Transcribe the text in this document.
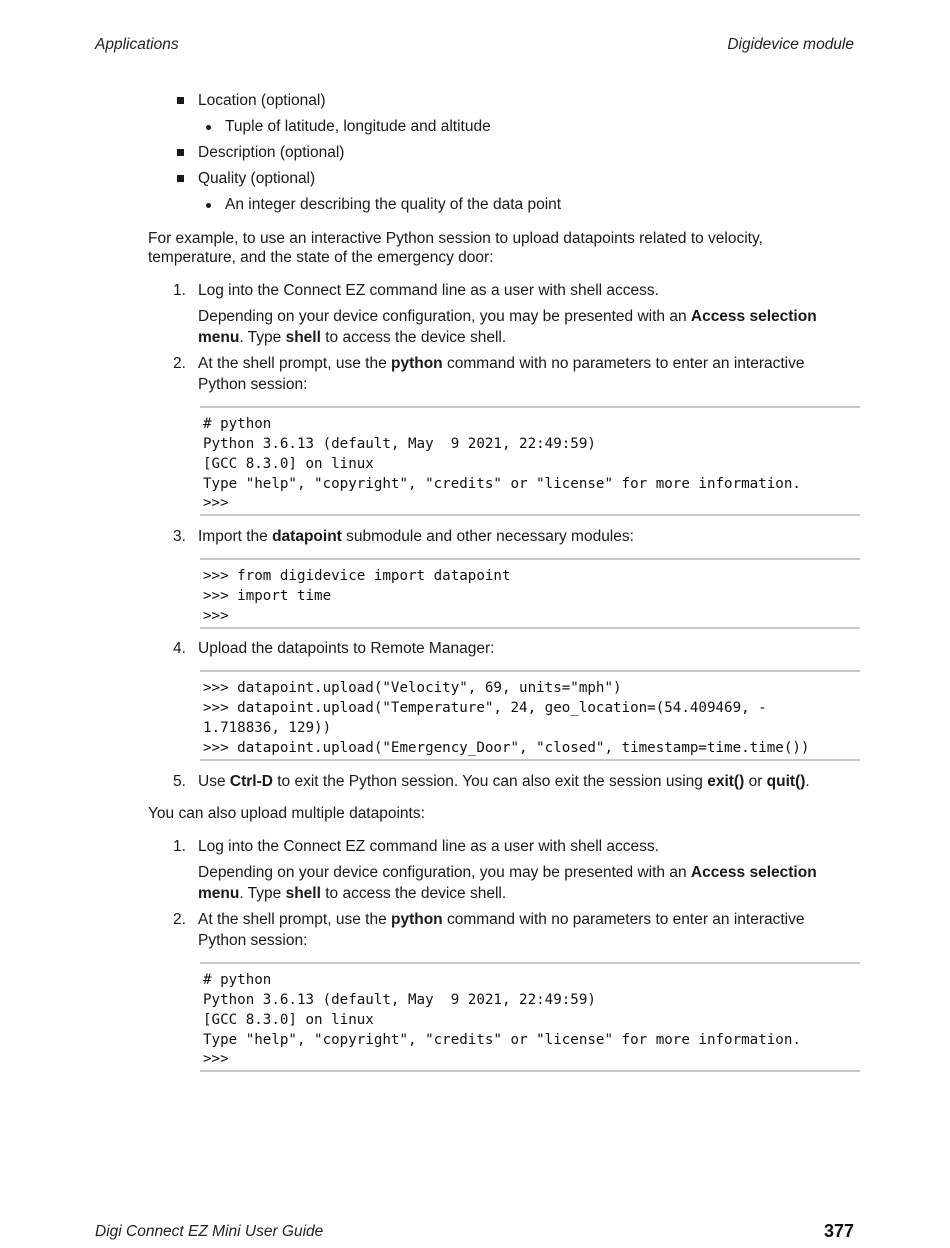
Applications	Digidevice module
Location (optional)
Tuple of latitude, longitude and altitude
Description (optional)
Quality (optional)
An integer describing the quality of the data point
For example, to use an interactive Python session to upload datapoints related to velocity,
temperature, and the state of the emergency door:
1. Log into the Connect EZ command line as a user with shell access.
Depending on your device configuration, you may be presented with an Access selection
menu. Type shell to access the device shell.
2. At the shell prompt, use the python command with no parameters to enter an interactive
Python session:
# python
Python 3.6.13 (default, May  9 2021, 22:49:59)
[GCC 8.3.0] on linux
Type "help", "copyright", "credits" or "license" for more information.
>>>
3. Import the datapoint submodule and other necessary modules:
>>> from digidevice import datapoint
>>> import time
>>>
4. Upload the datapoints to Remote Manager:
>>> datapoint.upload("Velocity", 69, units="mph")
>>> datapoint.upload("Temperature", 24, geo_location=(54.409469, -
1.718836, 129))
>>> datapoint.upload("Emergency_Door", "closed", timestamp=time.time())
5. Use Ctrl-D to exit the Python session. You can also exit the session using exit() or quit().
You can also upload multiple datapoints:
1. Log into the Connect EZ command line as a user with shell access.
Depending on your device configuration, you may be presented with an Access selection
menu. Type shell to access the device shell.
2. At the shell prompt, use the python command with no parameters to enter an interactive
Python session:
# python
Python 3.6.13 (default, May  9 2021, 22:49:59)
[GCC 8.3.0] on linux
Type "help", "copyright", "credits" or "license" for more information.
>>>
Digi Connect EZ Mini User Guide	377
